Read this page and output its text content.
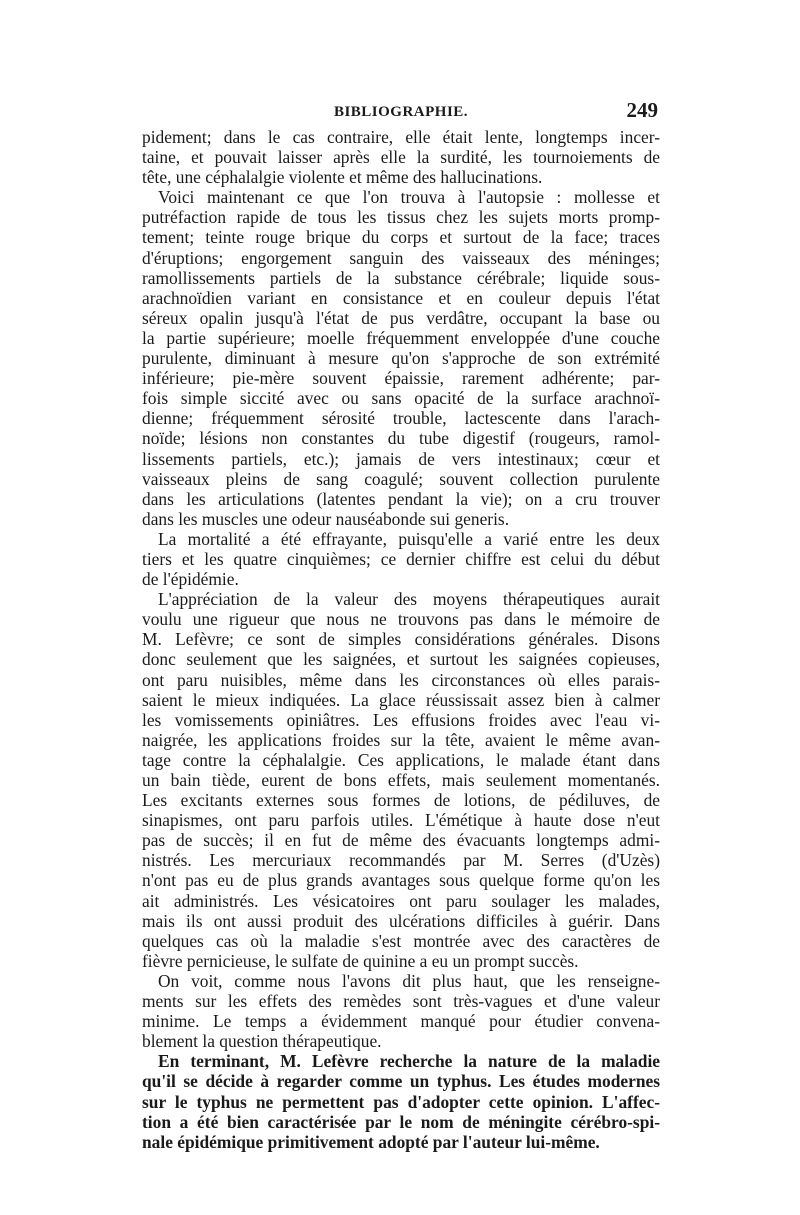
BIBLIOGRAPHIE.	249
pidement; dans le cas contraire, elle était lente, longtemps incer-
taine, et pouvait laisser après elle la surdité, les tournoiements de
tête, une céphalalgie violente et même des hallucinations.
Voici maintenant ce que l'on trouva à l'autopsie : mollesse et
putréfaction rapide de tous les tissus chez les sujets morts promp-
tement; teinte rouge brique du corps et surtout de la face; traces
d'éruptions; engorgement sanguin des vaisseaux des méninges;
ramollissements partiels de la substance cérébrale; liquide sous-
arachnoïdien variant en consistance et en couleur depuis l'état
séreux opalin jusqu'à l'état de pus verdâtre, occupant la base ou
la partie supérieure; moelle fréquemment enveloppée d'une couche
purulente, diminuant à mesure qu'on s'approche de son extrémité
inférieure; pie-mère souvent épaissie, rarement adhérente; par-
fois simple siccité avec ou sans opacité de la surface arachnoï-
dienne; fréquemment sérosité trouble, lactescente dans l'arach-
noïde; lésions non constantes du tube digestif (rougeurs, ramol-
lissements partiels, etc.); jamais de vers intestinaux; cœur et
vaisseaux pleins de sang coagulé; souvent collection purulente
dans les articulations (latentes pendant la vie); on a cru trouver
dans les muscles une odeur nauséabonde sui generis.
La mortalité a été effrayante, puisqu'elle a varié entre les deux
tiers et les quatre cinquièmes; ce dernier chiffre est celui du début
de l'épidémie.
L'appréciation de la valeur des moyens thérapeutiques aurait
voulu une rigueur que nous ne trouvons pas dans le mémoire de
M. Lefèvre; ce sont de simples considérations générales. Disons
donc seulement que les saignées, et surtout les saignées copieuses,
ont paru nuisibles, même dans les circonstances où elles parais-
saient le mieux indiquées. La glace réussissait assez bien à calmer
les vomissements opiniâtres. Les effusions froides avec l'eau vi-
naigrée, les applications froides sur la tête, avaient le même avan-
tage contre la céphalalgie. Ces applications, le malade étant dans
un bain tiède, eurent de bons effets, mais seulement momentanés.
Les excitants externes sous formes de lotions, de pédiluves, de
sinapismes, ont paru parfois utiles. L'émétique à haute dose n'eut
pas de succès; il en fut de même des évacuants longtemps admi-
nistrés. Les mercuriaux recommandés par M. Serres (d'Uzès)
n'ont pas eu de plus grands avantages sous quelque forme qu'on les
ait administrés. Les vésicatoires ont paru soulager les malades,
mais ils ont aussi produit des ulcérations difficiles à guérir. Dans
quelques cas où la maladie s'est montrée avec des caractères de
fièvre pernicieuse, le sulfate de quinine a eu un prompt succès.
On voit, comme nous l'avons dit plus haut, que les renseigne-
ments sur les effets des remèdes sont très-vagues et d'une valeur
minime. Le temps a évidemment manqué pour étudier convena-
blement la question thérapeutique.
En terminant, M. Lefèvre recherche la nature de la maladie
qu'il se décide à regarder comme un typhus. Les études modernes
sur le typhus ne permettent pas d'adopter cette opinion. L'affec-
tion a été bien caractérisée par le nom de méningite cérébro-spi-
nale épidémique primitivement adopté par l'auteur lui-même.
